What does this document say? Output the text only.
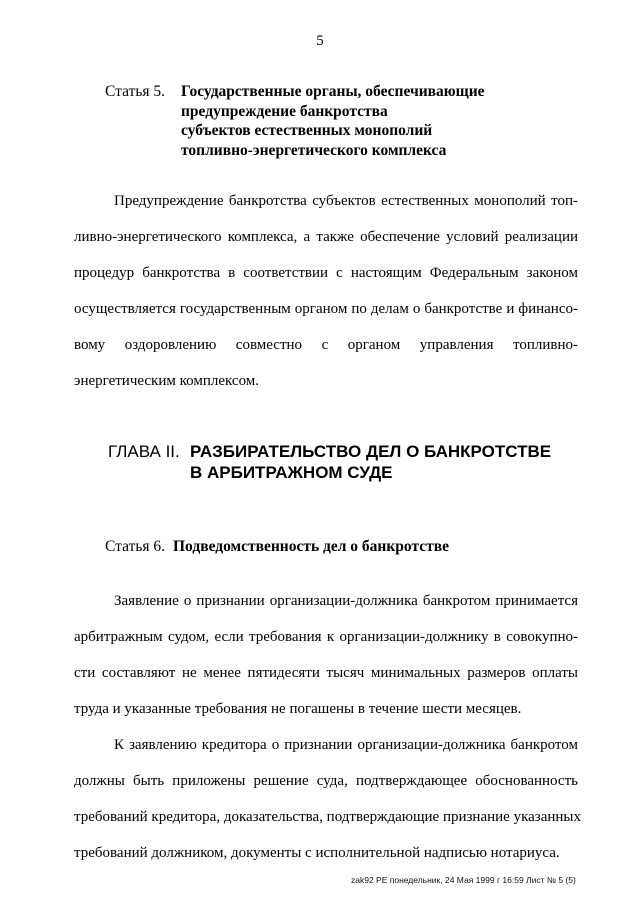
5
Статья 5. Государственные органы, обеспечивающие
предупреждение банкротства
субъектов естественных монополий
топливно-энергетического комплекса
Предупреждение банкротства субъектов естественных монополий топ-
ливно-энергетического комплекса, а также обеспечение условий реализации
процедур банкротства в соответствии с настоящим Федеральным законом
осуществляется государственным органом по делам о банкротстве и финансо-
вому оздоровлению совместно с органом управления топливно-
энергетическим комплексом.
ГЛАВА II. РАЗБИРАТЕЛЬСТВО ДЕЛ О БАНКРОТСТВЕ
В АРБИТРАЖНОМ СУДЕ
Статья 6. Подведомственность дел о банкротстве
Заявление о признании организации-должника банкротом принимается
арбитражным судом, если требования к организации-должнику в совокупно-
сти составляют не менее пятидесяти тысяч минимальных размеров оплаты
труда и указанные требования не погашены в течение шести месяцев.
К заявлению кредитора о признании организации-должника банкротом
должны быть приложены решение суда, подтверждающее обоснованность
требований кредитора, доказательства, подтверждающие признание указанных
требований должником, документы с исполнительной надписью нотариуса.
zak92 PE понедельник, 24 Мая 1999 г 16:59 Лист № 5 (5)
